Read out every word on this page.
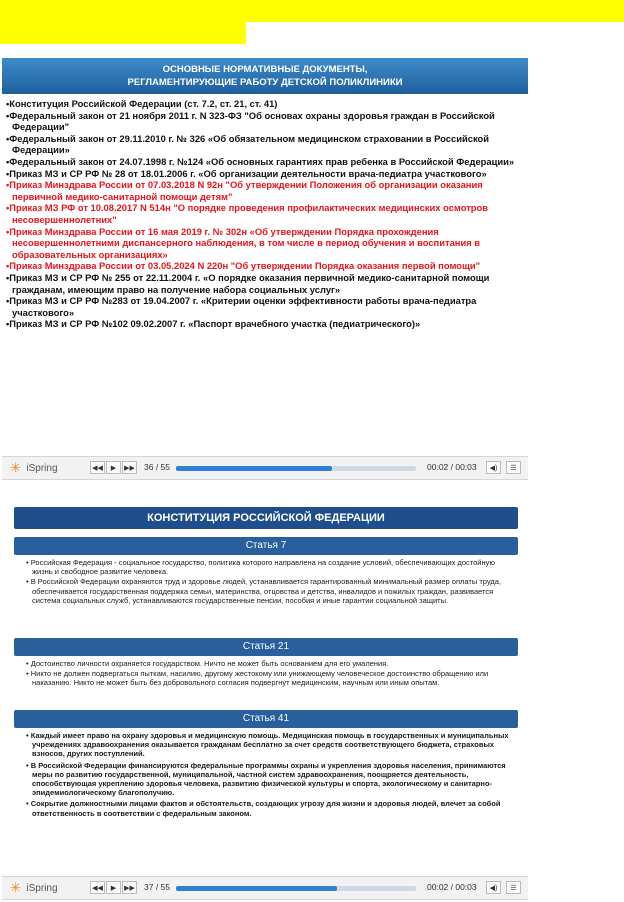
ОСНОВНЫЕ НОРМАТИВНЫЕ ДОКУМЕНТЫ,
РЕГЛАМЕНТИРУЮЩИЕ РАБОТУ ДЕТСКОЙ ПОЛИКЛИНИКИ
• Конституция Российской Федерации (ст. 7.2, ст. 21, ст. 41)
• Федеральный закон от 21 ноября 2011 г. N 323-ФЗ "Об основах охраны здоровья граждан в Российской Федерации"
• Федеральный закон от 29.11.2010 г. № 326 «Об обязательном медицинском страховании в Российской Федерации»
• Федеральный закон от 24.07.1998 г. №124 «Об основных гарантиях прав ребенка в Российской Федерации»
• Приказ МЗ и СР РФ № 28 от 18.01.2006 г. «Об организации деятельности врача-педиатра участкового»
• Приказ Минздрава России от 07.03.2018 N 92н "Об утверждении Положения об организации оказания первичной медико-санитарной помощи детям"
• Приказ МЗ РФ от 10.08.2017 N 514н "О порядке проведения профилактических медицинских осмотров несовершеннолетних"
• Приказ Минздрава России от 16 мая 2019 г. № 302н «Об утверждении Порядка прохождения несовершеннолетними диспансерного наблюдения, в том числе в период обучения и воспитания в образовательных организациях»
• Приказ Минздрава России от 03.05.2024 N 220н "Об утверждении Порядка оказания первой помощи"
• Приказ МЗ и СР РФ № 255 от 22.11.2004 г. «О порядке оказания первичной медико-санитарной помощи гражданам, имеющим право на получение набора социальных услуг»
• Приказ МЗ и СР РФ №283 от 19.04.2007 г. «Критерии оценки эффективности работы врача-педиатра участкового»
• Приказ МЗ и СР РФ №102 09.02.2007 г. «Паспорт врачебного участка (педиатрического)»
✳ iSpring	◀◀	▶	▶▶ 36 / 55	00:02 / 00:03	◀)	☰
КОНСТИТУЦИЯ РОССИЙСКОЙ ФЕДЕРАЦИИ
Статья 7
• Российская Федерация - социальное государство, политика которого направлена на создание условий, обеспечивающих достойную жизнь и свободное развитие человека.
• В Российской Федерации охраняются труд и здоровье людей, устанавливается гарантированный минимальный размер оплаты труда, обеспечивается государственная поддержка семьи, материнства, отцовства и детства, инвалидов и пожилых граждан, развивается система социальных служб, устанавливаются государственные пенсии, пособия и иные гарантии социальной защиты.
Статья 21
• Достоинство личности охраняется государством. Ничто не может быть основанием для его умаления.
• Никто не должен подвергаться пыткам, насилию, другому жестокому или унижающему человеческое достоинство обращению или наказанию. Никто не может быть без добровольного согласия подвергнут медицинским, научным или иным опытам.
Статья 41
• Каждый имеет право на охрану здоровья и медицинскую помощь. Медицинская помощь в государственных и муниципальных учреждениях здравоохранения оказывается гражданам бесплатно за счет средств соответствующего бюджета, страховых взносов, других поступлений.
• В Российской Федерации финансируются федеральные программы охраны и укрепления здоровья населения, принимаются меры по развитию государственной, муниципальной, частной систем здравоохранения, поощряется деятельность, способствующая укреплению здоровья человека, развитию физической культуры и спорта, экологическому и санитарно-эпидемиологическому благополучию.
• Сокрытие должностными лицами фактов и обстоятельств, создающих угрозу для жизни и здоровья людей, влечет за собой ответственность в соответствии с федеральным законом.
✳ iSpring	◀◀	▶	▶▶ 37 / 55	00:02 / 00:03	◀)	☰
